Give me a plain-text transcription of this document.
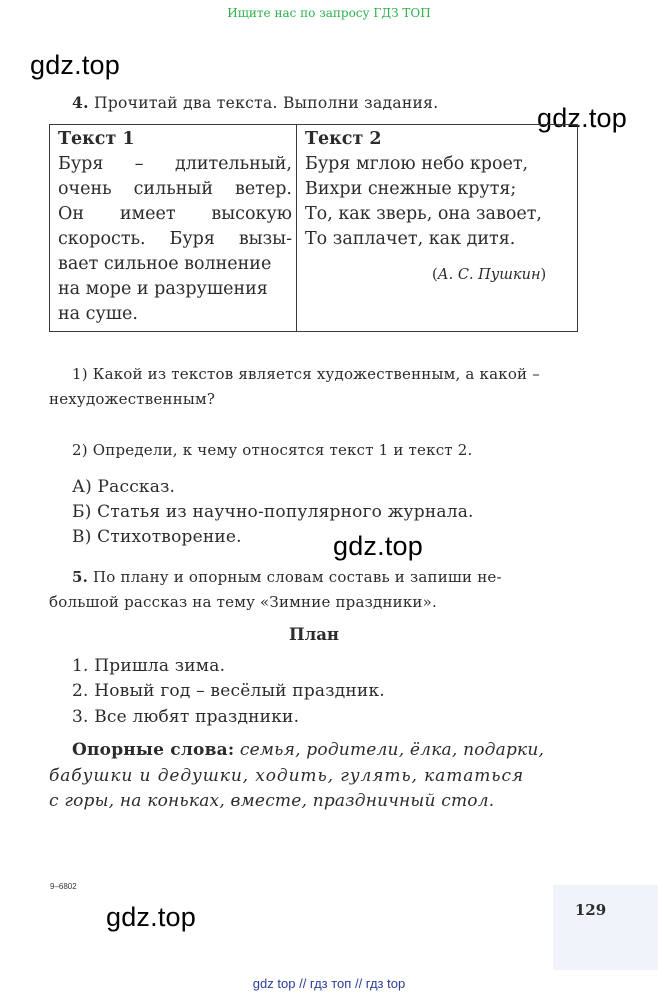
Ищите нас по запросу ГДЗ ТОП
gdz.top
gdz.top
gdz.top
gdz.top
4. Прочитай два текста. Выполни задания.
Текст 1
Буря – длительный,
очень сильный ветер.
Он имеет высокую
скорость. Буря вызы-
вает сильное волнение
на море и разрушения
на суше.
Текст 2
Буря мглою небо кроет,
Вихри снежные крутя;
То, как зверь, она завоет,
То заплачет, как дитя.
(А. С. Пушкин)
1) Какой из текстов является художественным, а какой –
нехудожественным?
2) Определи, к чему относятся текст 1 и текст 2.
А) Рассказ.
Б) Статья из научно-популярного журнала.
В) Стихотворение.
5. По плану и опорным словам составь и запиши не-
большой рассказ на тему «Зимние праздники».
План
1. Пришла зима.
2. Новый год – весёлый праздник.
3. Все любят праздники.
Опорные слова: семья, родители, ёлка, подарки,
бабушки и дедушки, ходить, гулять, кататься
с горы, на коньках, вместе, праздничный стол.
9–6802
129
gdz top // гдз топ // гдз top
